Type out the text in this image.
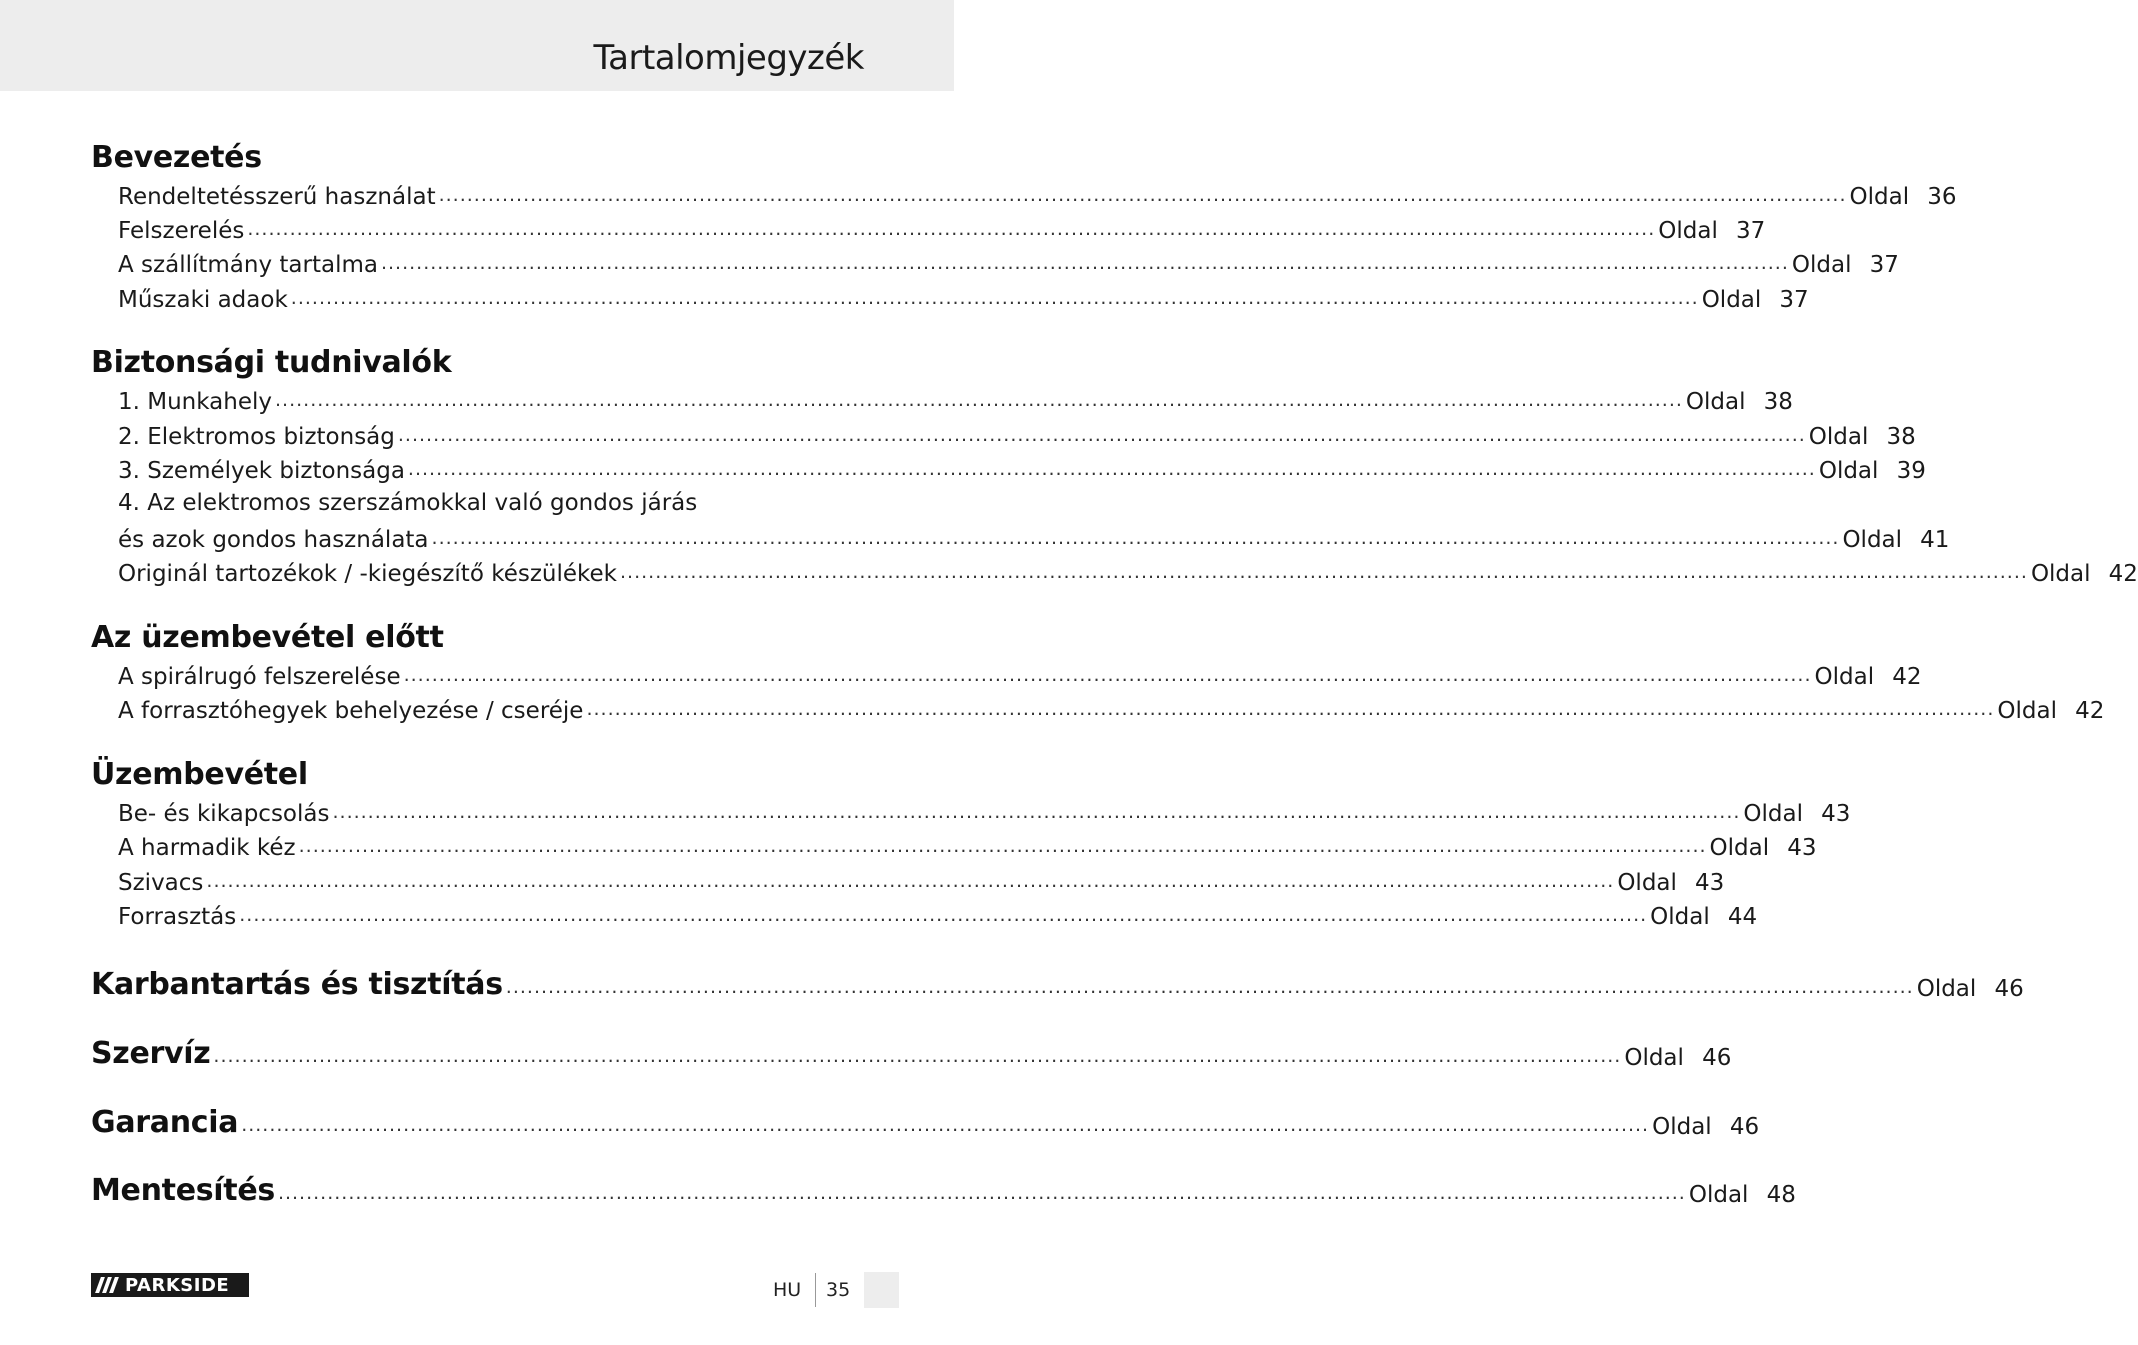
Tartalomjegyzék
Bevezetés
Rendeltetésszerű használat ........................................................................................................................................................................................................ Oldal 36
Felszerelés ........................................................................................................................................................................................................ Oldal 37
A szállítmány tartalma ........................................................................................................................................................................................................ Oldal 37
Műszaki adaok ........................................................................................................................................................................................................ Oldal 37
Biztonsági tudnivalók
1. Munkahely ........................................................................................................................................................................................................ Oldal 38
2. Elektromos biztonság ........................................................................................................................................................................................................ Oldal 38
3. Személyek biztonsága ........................................................................................................................................................................................................ Oldal 39
4. Az elektromos szerszámokkal való gondos járás
és azok gondos használata ........................................................................................................................................................................................................ Oldal 41
Originál tartozékok / -kiegészítő készülékek ........................................................................................................................................................................................................ Oldal 42
Az üzembevétel előtt
A spirálrugó felszerelése ........................................................................................................................................................................................................ Oldal 42
A forrasztóhegyek behelyezése / cseréje ........................................................................................................................................................................................................ Oldal 42
Üzembevétel
Be- és kikapcsolás ........................................................................................................................................................................................................ Oldal 43
A harmadik kéz ........................................................................................................................................................................................................ Oldal 43
Szivacs ........................................................................................................................................................................................................ Oldal 43
Forrasztás ........................................................................................................................................................................................................ Oldal 44
Karbantartás és tisztítás ........................................................................................................................................................................................................ Oldal 46
Szervíz ........................................................................................................................................................................................................ Oldal 46
Garancia ........................................................................................................................................................................................................ Oldal 46
Mentesítés ........................................................................................................................................................................................................ Oldal 48
PARKSIDE	HU 35
